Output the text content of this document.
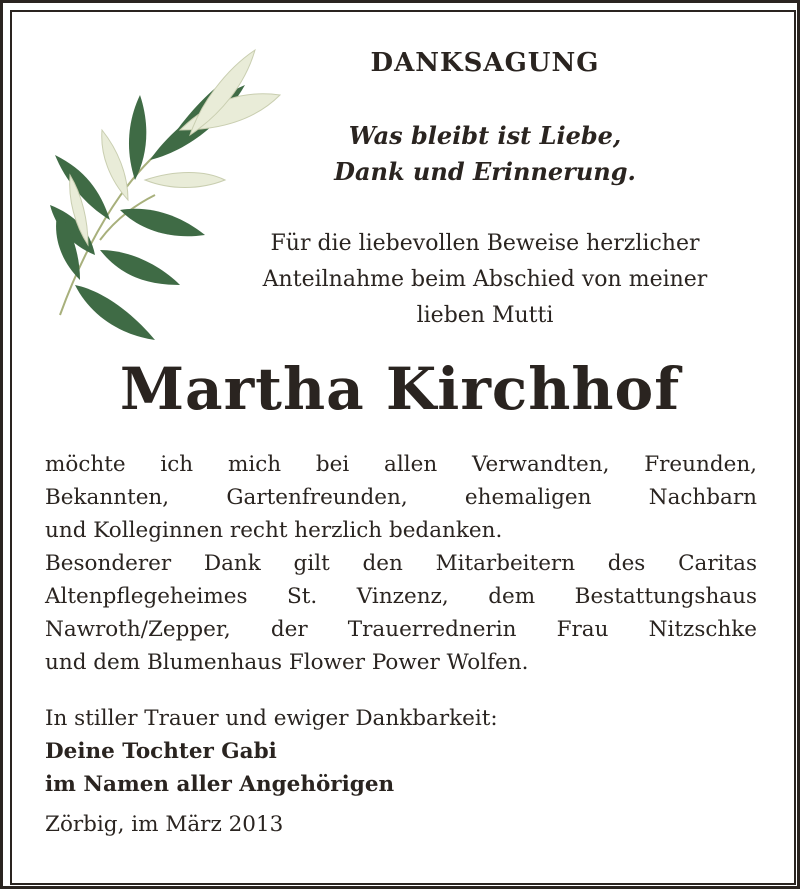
DANKSAGUNG
Was bleibt ist Liebe,
Dank und Erinnerung.
Für die liebevollen Beweise herzlicher
Anteilnahme beim Abschied von meiner
lieben Mutti
Martha Kirchhof
möchte ich mich bei allen Verwandten, Freunden,
Bekannten, Gartenfreunden, ehemaligen Nachbarn
und Kolleginnen recht herzlich bedanken.
Besonderer Dank gilt den Mitarbeitern des Caritas
Altenpflegeheimes St. Vinzenz, dem Bestattungshaus
Nawroth/Zepper, der Trauerrednerin Frau Nitzschke
und dem Blumenhaus Flower Power Wolfen.
In stiller Trauer und ewiger Dankbarkeit:
Deine Tochter Gabi
im Namen aller Angehörigen
Zörbig, im März 2013
